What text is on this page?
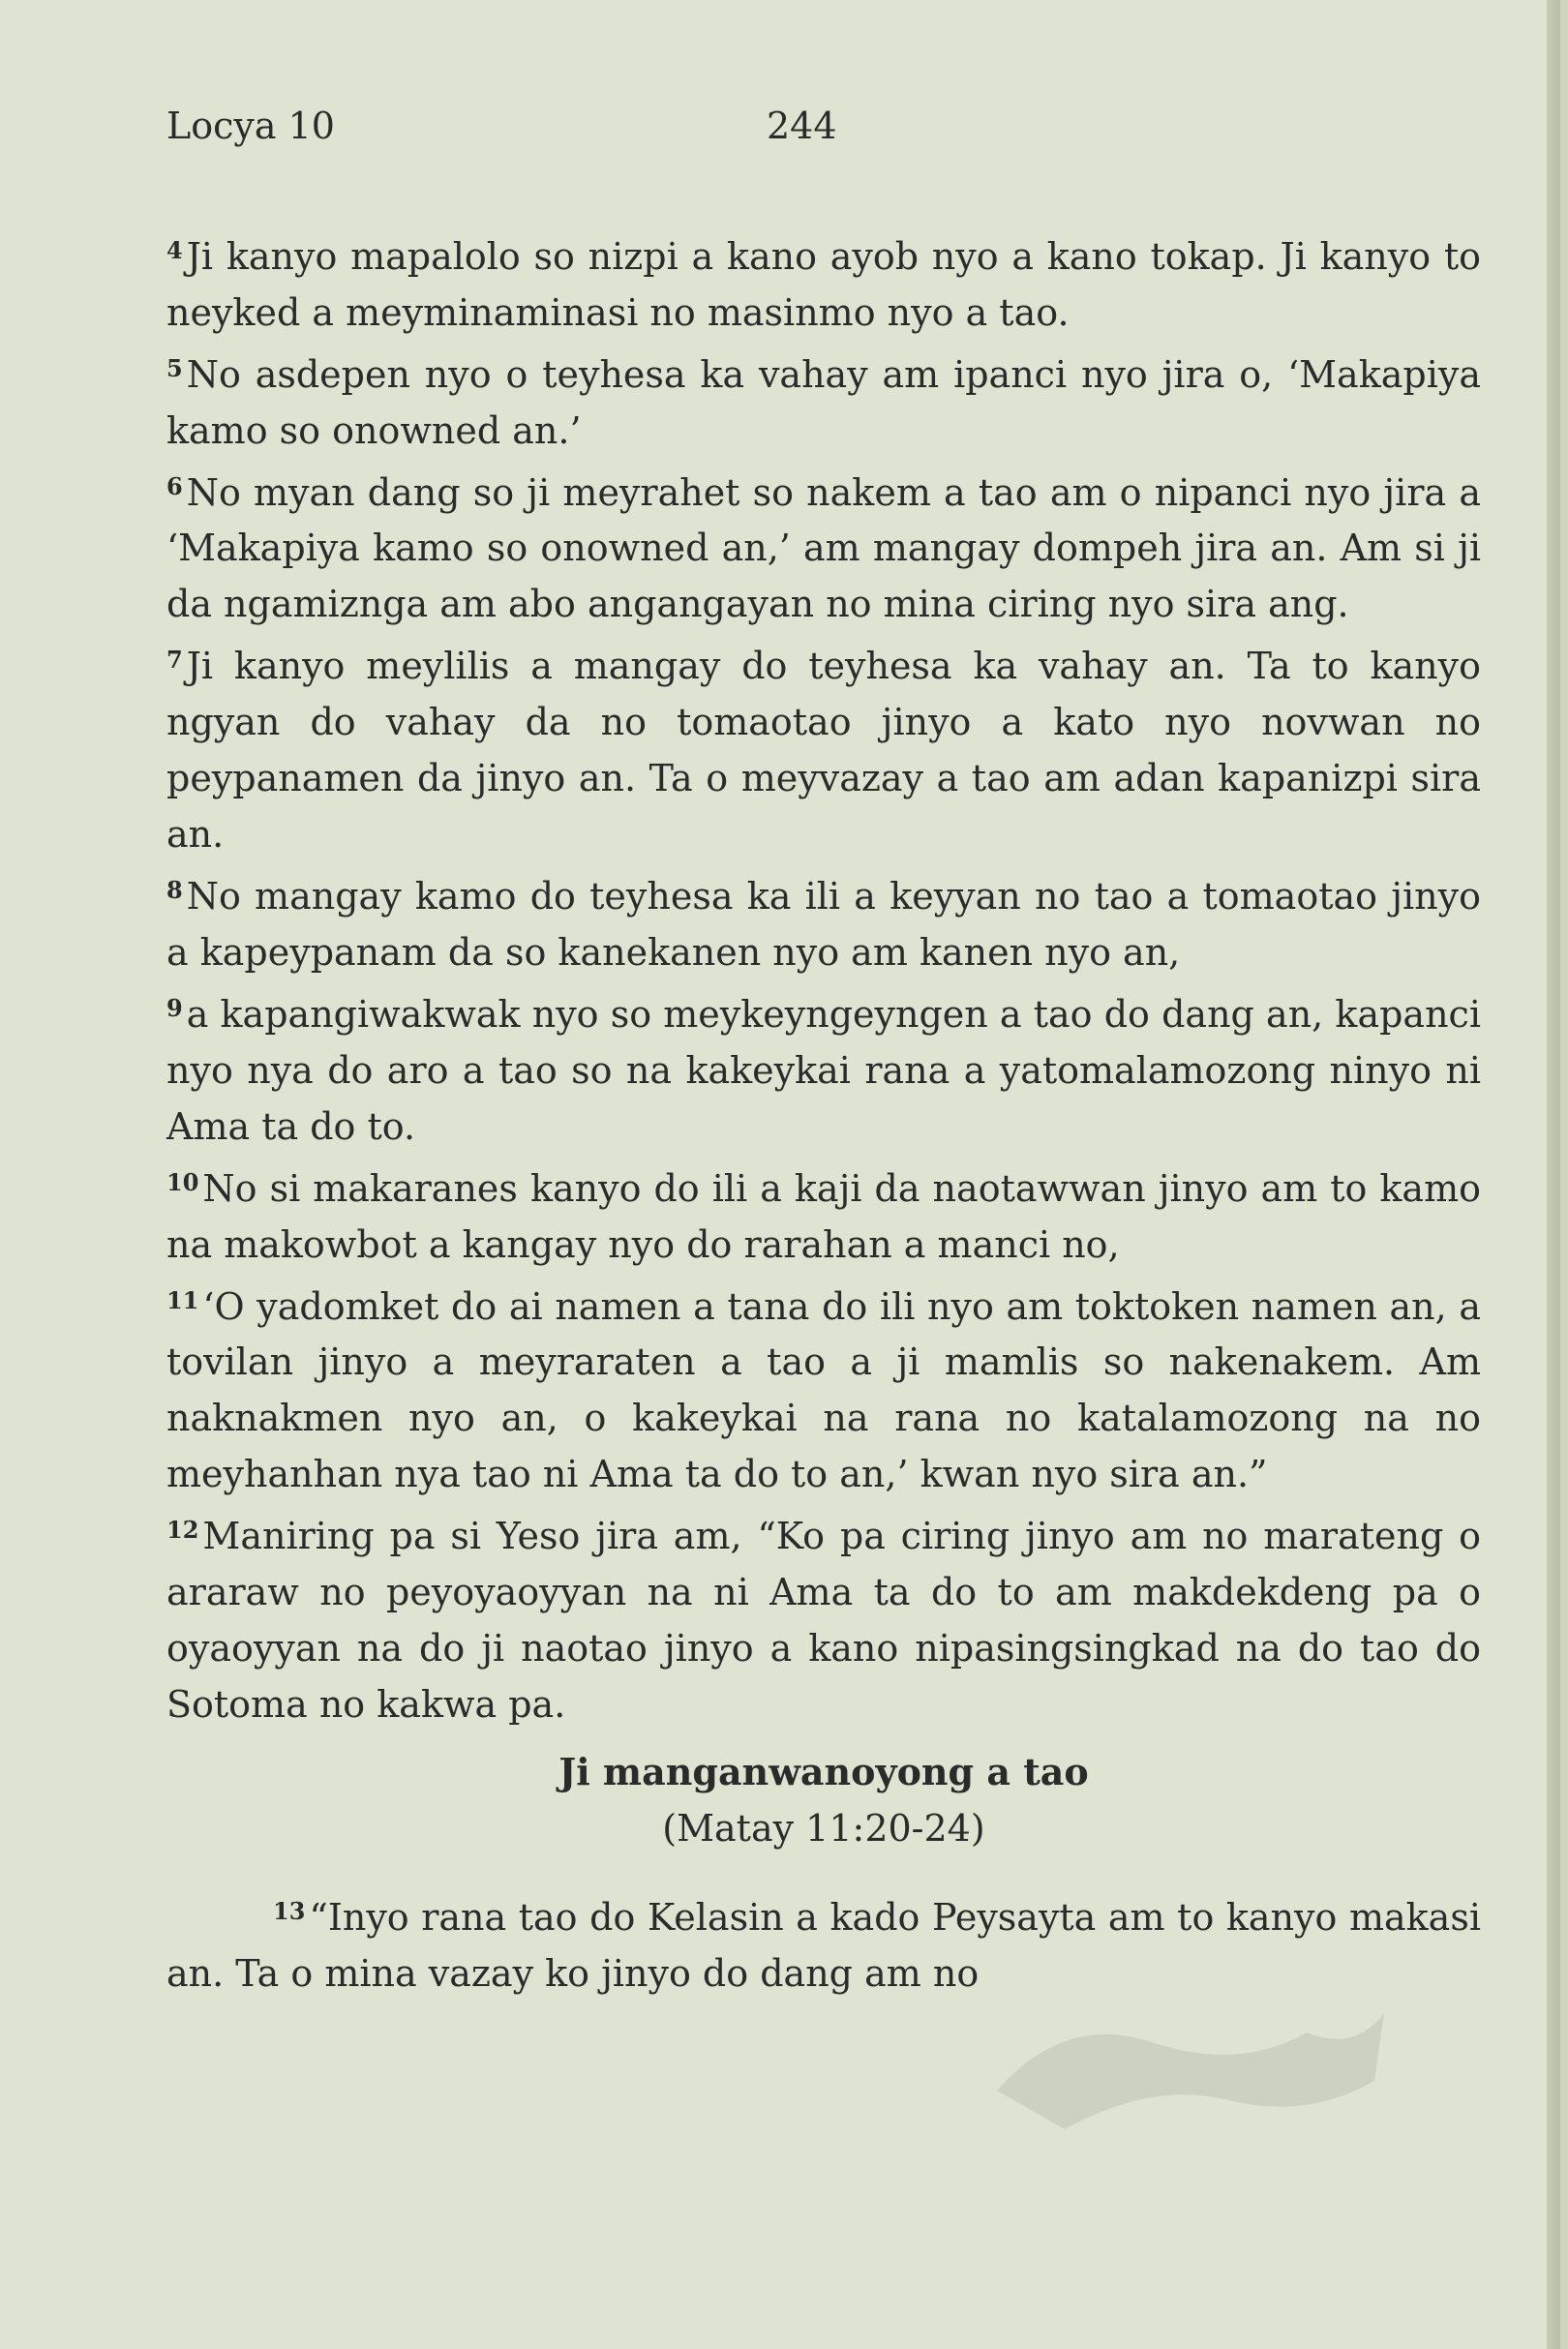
Locya 10	244

$^4$ Ji kanyo mapalolo so nizpi a kano ayob nyo a kano tokap. Ji kanyo to neyked a meyminaminasi no masinmo nyo a tao.

$^5$ No asdepen nyo o teyhesa ka vahay am ipanci nyo jira o, ‘Makapiya kamo so onowned an.’

$^6$ No myan dang so ji meyrahet so nakem a tao am o nipanci nyo jira a ‘Makapiya kamo so onowned an,’ am mangay dompeh jira an. Am si ji da ngamiznga am abo angangayan no mina ciring nyo sira ang.

$^7$ Ji kanyo meylilis a mangay do teyhesa ka vahay an. Ta to kanyo ngyan do vahay da no tomaotao jinyo a kato nyo novwan no peypanamen da jinyo an. Ta o meyvazay a tao am adan kapanizpi sira an.

$^8$ No mangay kamo do teyhesa ka ili a keyyan no tao a tomaotao jinyo a kapeypanam da so kanekanen nyo am kanen nyo an,

$^9$ a kapangiwakwak nyo so meykeyngeyngen a tao do dang an, kapanci nyo nya do aro a tao so na kakeykai rana a yatomalamozong ninyo ni Ama ta do to.

$^{10}$ No si makaranes kanyo do ili a kaji da naotawwan jinyo am to kamo na makowbot a kangay nyo do rarahan a manci no,

$^{11}$ ‘O yadomket do ai namen a tana do ili nyo am toktoken namen an, a tovilan jinyo a meyraraten a tao a ji mamlis so nakenakem. Am naknakmen nyo an, o kakeykai na rana no katalamozong na no meyhanhan nya tao ni Ama ta do to an,’ kwan nyo sira an.”

$^{12}$ Maniring pa si Yeso jira am, “Ko pa ciring jinyo am no marateng o araraw no peyoyaoyyan na ni Ama ta do to am makdekdeng pa o oyaoyyan na do ji naotao jinyo a kano nipasingsingkad na do tao do Sotoma no kakwa pa.

Ji manganwanoyong a tao

(Matay 11:20-24)

$^{13}$ “Inyo rana tao do Kelasin a kado Peysayta am to kanyo makasi an. Ta o mina vazay ko jinyo do dang am no
